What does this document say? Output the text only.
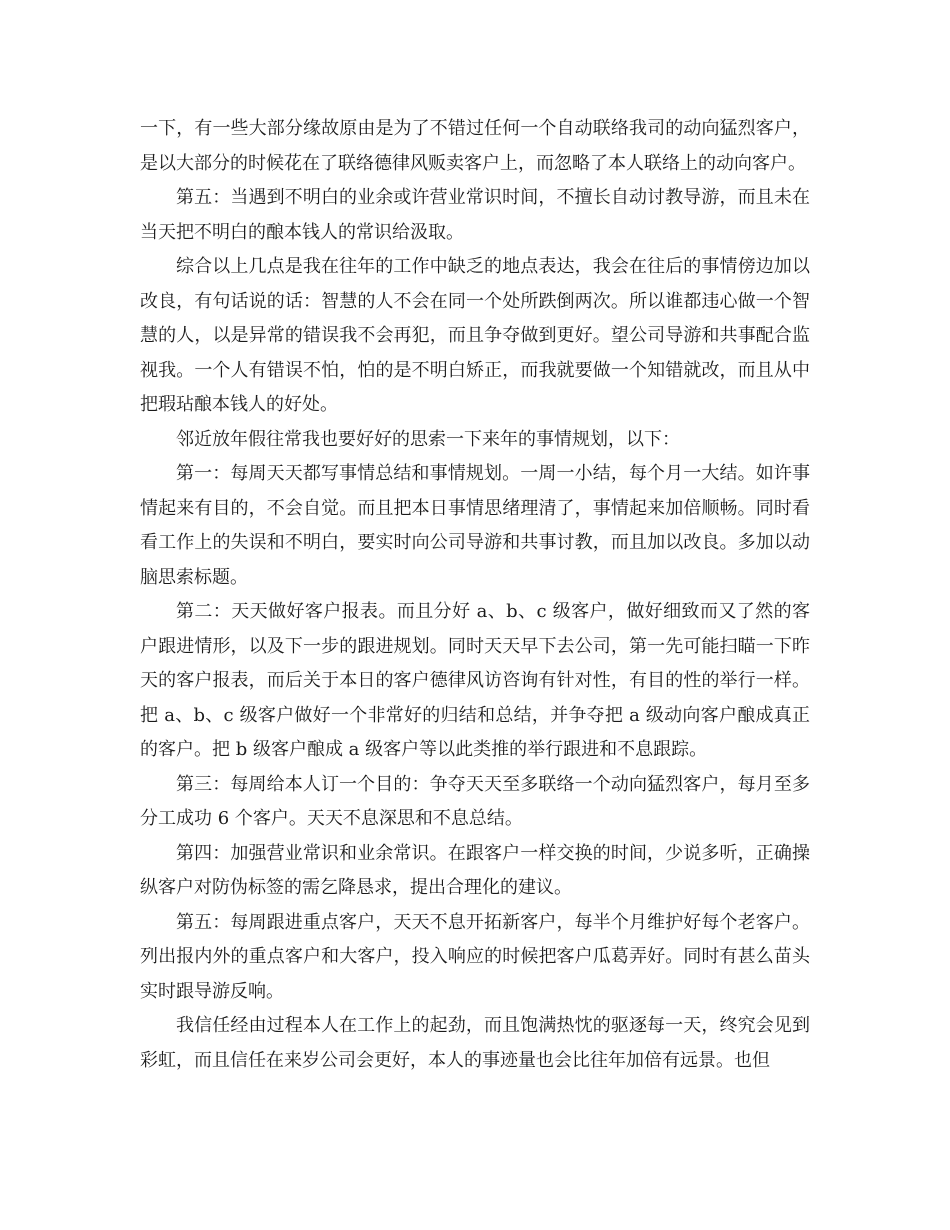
一下，有一些大部分缘故原由是为了不错过任何一个自动联络我司的动向猛烈客户，是以大部分的时候花在了联络德律风贩卖客户上，而忽略了本人联络上的动向客户。

第五：当遇到不明白的业余或许营业常识时间，不擅长自动讨教导游，而且未在当天把不明白的酿本钱人的常识给汲取。

综合以上几点是我在往年的工作中缺乏的地点表达，我会在往后的事情傍边加以改良，有句话说的话：智慧的人不会在同一个处所跌倒两次。所以谁都违心做一个智慧的人，以是异常的错误我不会再犯，而且争夺做到更好。望公司导游和共事配合监视我。一个人有错误不怕，怕的是不明白矫正，而我就要做一个知错就改，而且从中把瑕玷酿本钱人的好处。

邻近放年假往常我也要好好的思索一下来年的事情规划，以下：

第一：每周天天都写事情总结和事情规划。一周一小结，每个月一大结。如许事情起来有目的，不会自觉。而且把本日事情思绪理清了，事情起来加倍顺畅。同时看看工作上的失误和不明白，要实时向公司导游和共事讨教，而且加以改良。多加以动脑思索标题。

第二：天天做好客户报表。而且分好 a、b、c 级客户，做好细致而又了然的客户跟进情形，以及下一步的跟进规划。同时天天早下去公司，第一先可能扫瞄一下昨天的客户报表，而后关于本日的客户德律风访咨询有针对性，有目的性的举行一样。把 a、b、c 级客户做好一个非常好的归结和总结，并争夺把 a 级动向客户酿成真正的客户。把 b 级客户酿成 a 级客户等以此类推的举行跟进和不息跟踪。

第三：每周给本人订一个目的：争夺天天至多联络一个动向猛烈客户，每月至多分工成功 6 个客户。天天不息深思和不息总结。

第四：加强营业常识和业余常识。在跟客户一样交换的时间，少说多听，正确操纵客户对防伪标签的需乞降恳求，提出合理化的建议。

第五：每周跟进重点客户，天天不息开拓新客户，每半个月维护好每个老客户。列出报内外的重点客户和大客户，投入响应的时候把客户瓜葛弄好。同时有甚么苗头实时跟导游反响。

我信任经由过程本人在工作上的起劲，而且饱满热忱的驱逐每一天，终究会见到彩虹，而且信任在来岁公司会更好，本人的事迹量也会比往年加倍有远景。也但
